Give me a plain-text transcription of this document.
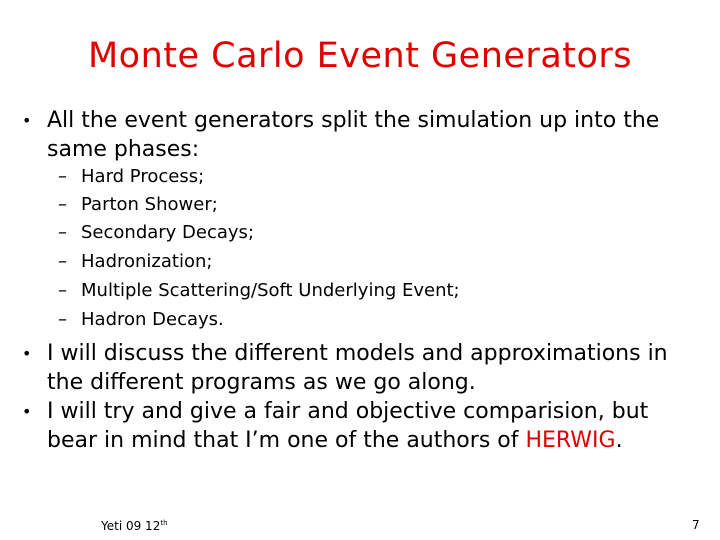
Monte Carlo Event Generators
• All the event generators split the simulation up into the
same phases:
– Hard Process;
– Parton Shower;
– Secondary Decays;
– Hadronization;
– Multiple Scattering/Soft Underlying Event;
– Hadron Decays.
• I will discuss the different models and approximations in
the different programs as we go along.
• I will try and give a fair and objective comparision, but
bear in mind that I’m one of the authors of HERWIG.
Yeti 09 12th	7
